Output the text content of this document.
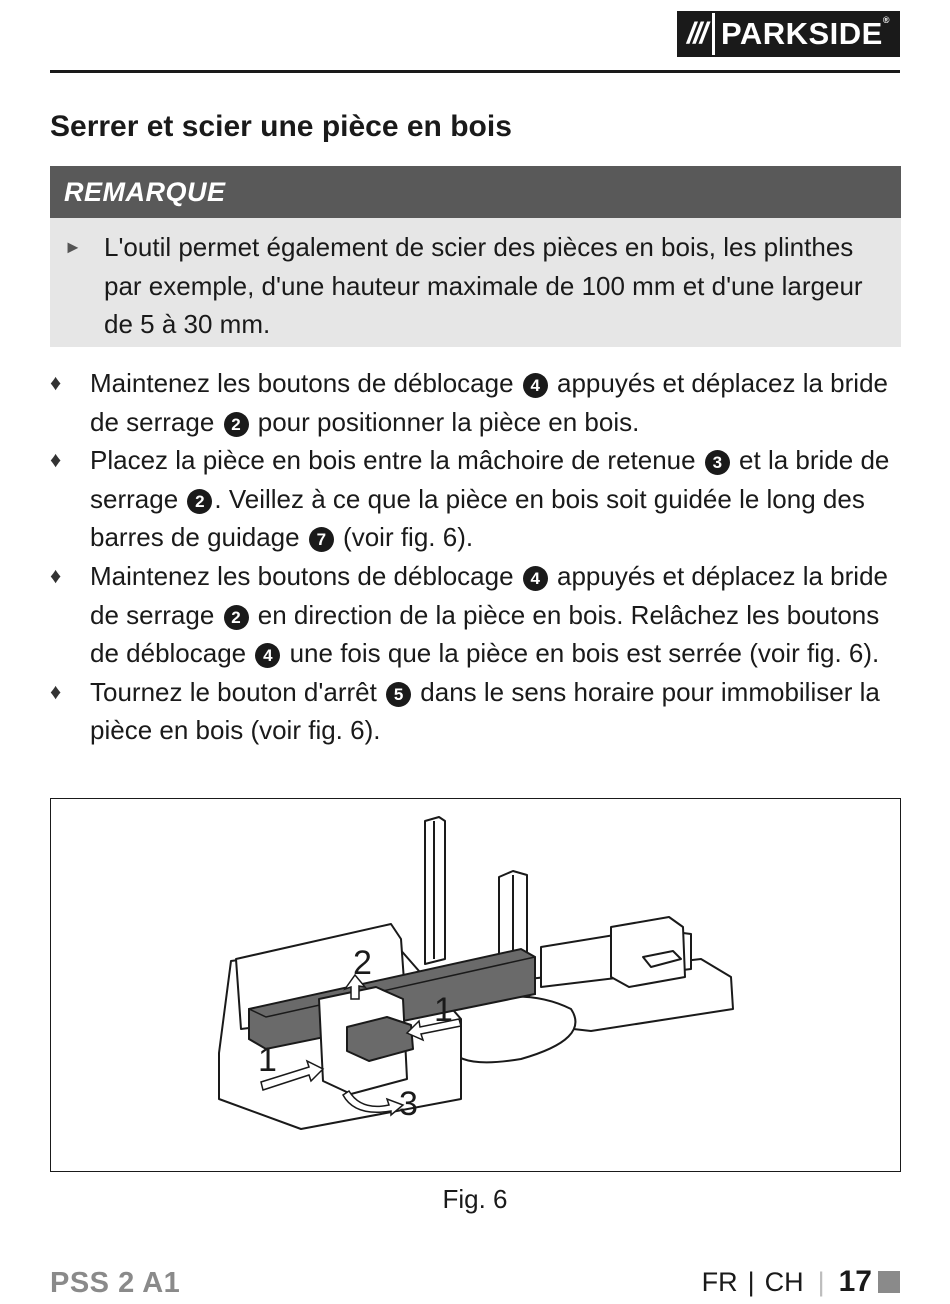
/// PARKSIDE®
Serrer et scier une pièce en bois
REMARQUE
► L'outil permet également de scier des pièces en bois, les plinthes par exemple, d'une hauteur maximale de 100 mm et d'une largeur de 5 à 30 mm.
♦ Maintenez les boutons de déblocage 4 appuyés et déplacez la bride de serrage 2 pour positionner la pièce en bois.
♦ Placez la pièce en bois entre la mâchoire de retenue 3 et la bride de serrage 2 . Veillez à ce que la pièce en bois soit guidée le long des barres de guidage 7 (voir fig. 6).
♦ Maintenez les boutons de déblocage 4 appuyés et déplacez la bride de serrage 2 en direction de la pièce en bois. Relâchez les boutons de déblocage 4 une fois que la pièce en bois est serrée (voir fig. 6).
♦ Tournez le bouton d'arrêt 5 dans le sens horaire pour immobiliser la pièce en bois (voir fig. 6).
2
1
1
3
Fig. 6
PSS 2 A1	FR | CH | 17
